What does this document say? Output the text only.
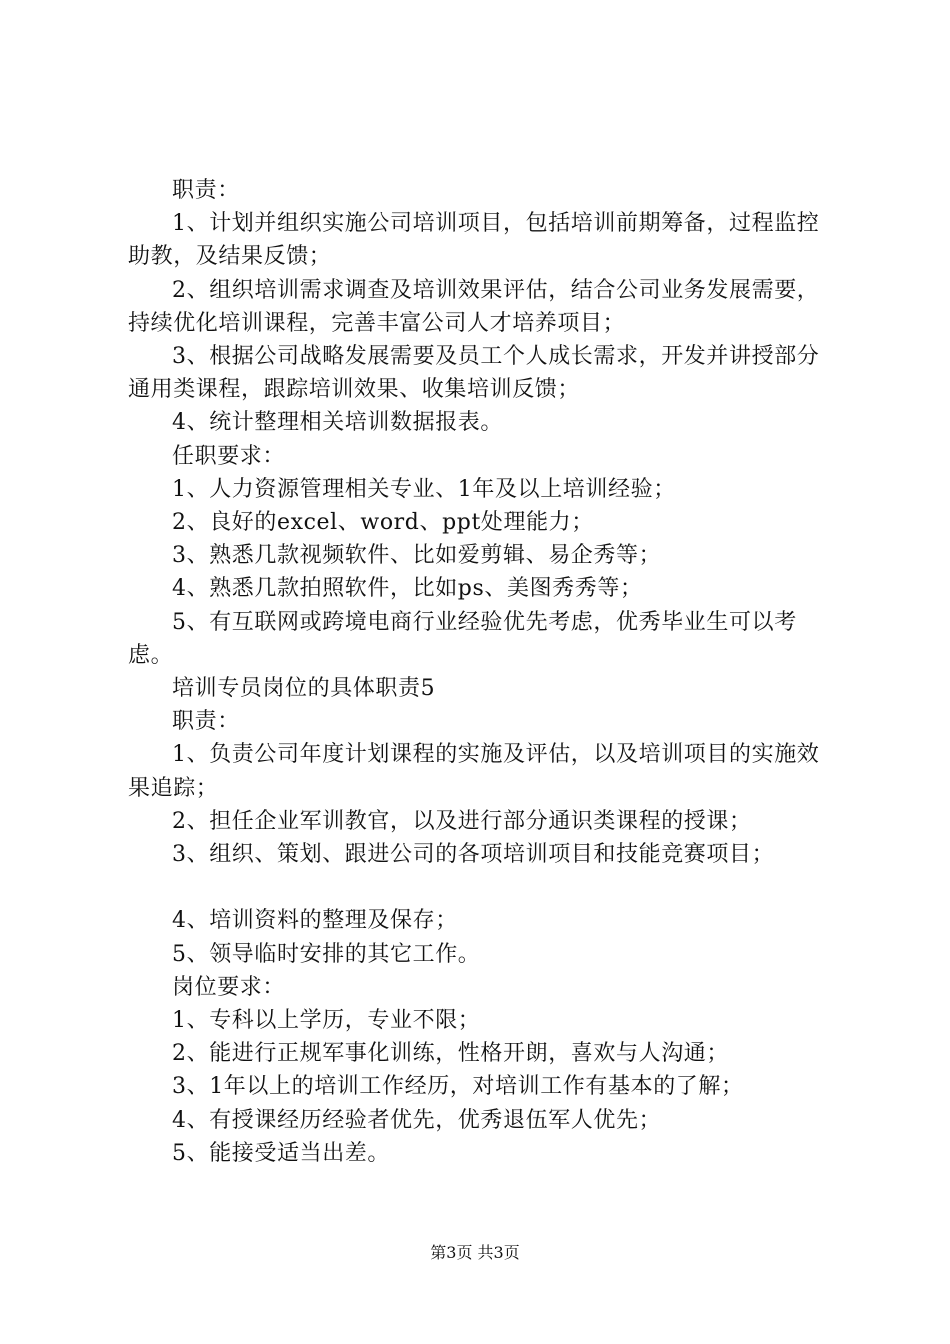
职责：

1、计划并组织实施公司培训项目，包括培训前期筹备，过程监控助教，及结果反馈；

2、组织培训需求调查及培训效果评估，结合公司业务发展需要，持续优化培训课程，完善丰富公司人才培养项目；

3、根据公司战略发展需要及员工个人成长需求，开发并讲授部分通用类课程，跟踪培训效果、收集培训反馈；

4、统计整理相关培训数据报表。

任职要求：

1、人力资源管理相关专业、1年及以上培训经验；

2、良好的excel、word、ppt处理能力；

3、熟悉几款视频软件、比如爱剪辑、易企秀等；

4、熟悉几款拍照软件，比如ps、美图秀秀等；

5、有互联网或跨境电商行业经验优先考虑，优秀毕业生可以考虑。

培训专员岗位的具体职责5

职责：

1、负责公司年度计划课程的实施及评估，以及培训项目的实施效果追踪；

2、担任企业军训教官，以及进行部分通识类课程的授课；

3、组织、策划、跟进公司的各项培训项目和技能竞赛项目；

4、培训资料的整理及保存；

5、领导临时安排的其它工作。

岗位要求：

1、专科以上学历，专业不限；

2、能进行正规军事化训练，性格开朗，喜欢与人沟通；

3、1年以上的培训工作经历，对培训工作有基本的了解；

4、有授课经历经验者优先，优秀退伍军人优先；

5、能接受适当出差。

第3页 共3页
